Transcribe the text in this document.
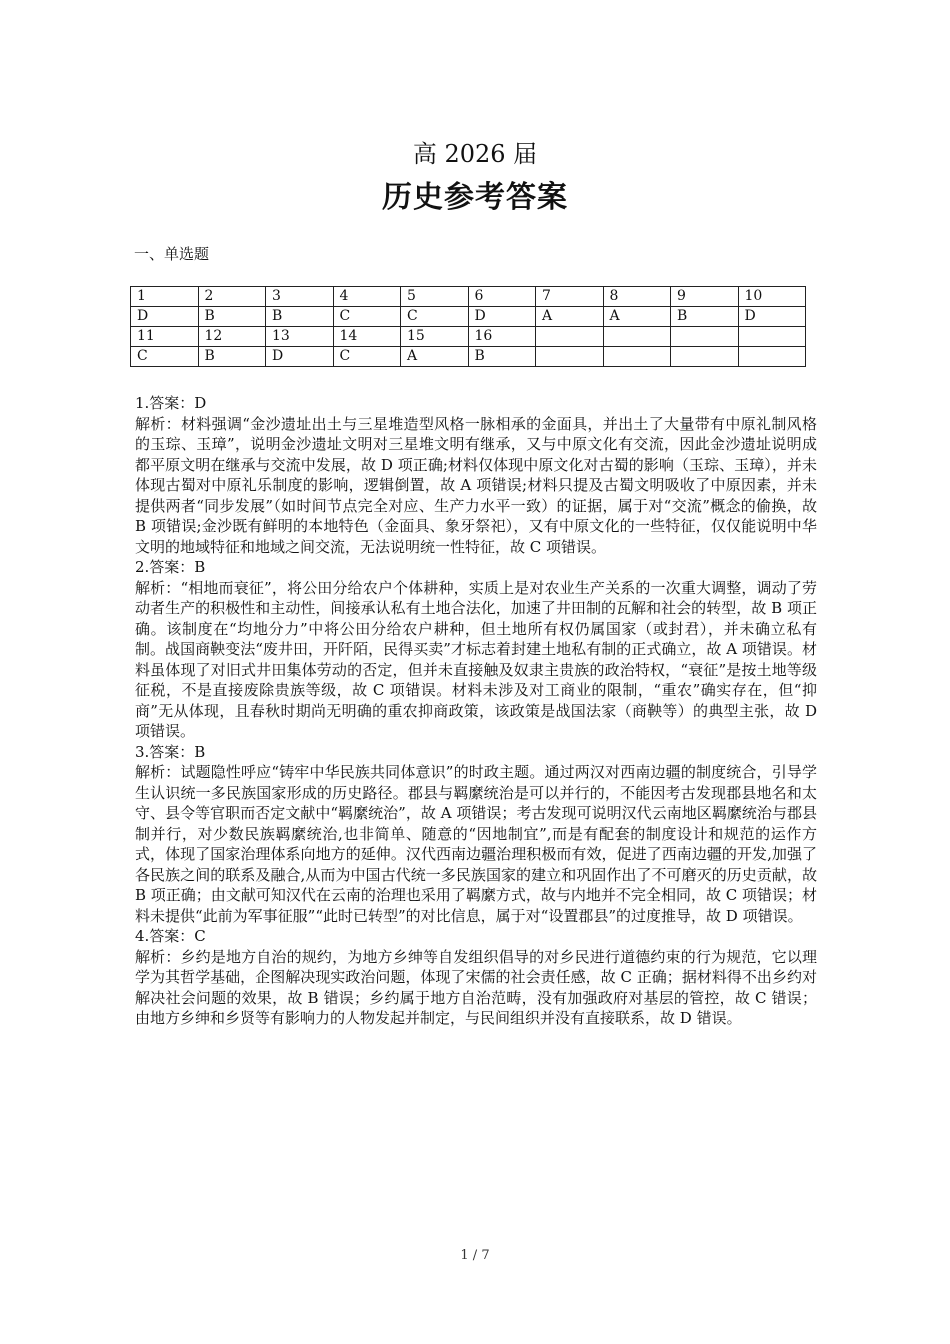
高 2026 届
历史参考答案
一、单选题
1	2	3	4	5	6	7	8	9	10
D	B	B	C	C	D	A	A	B	D
11	12	13	14	15	16				
C	B	D	C	A	B				

1.答案：D

解析：材料强调“金沙遗址出土与三星堆造型风格一脉相承的金面具，并出土了大量带有中原礼制风格的玉琮、玉璋”，说明金沙遗址文明对三星堆文明有继承，又与中原文化有交流，因此金沙遗址说明成都平原文明在继承与交流中发展，故 D 项正确;材料仅体现中原文化对古蜀的影响（玉琮、玉璋），并未体现古蜀对中原礼乐制度的影响，逻辑倒置，故 A 项错误;材料只提及古蜀文明吸收了中原因素，并未提供两者“同步发展”（如时间节点完全对应、生产力水平一致）的证据，属于对“交流”概念的偷换，故 B 项错误;金沙既有鲜明的本地特色（金面具、象牙祭祀），又有中原文化的一些特征，仅仅能说明中华文明的地域特征和地域之间交流，无法说明统一性特征，故 C 项错误。

2.答案：B

解析：“相地而衰征”，将公田分给农户个体耕种，实质上是对农业生产关系的一次重大调整，调动了劳动者生产的积极性和主动性，间接承认私有土地合法化，加速了井田制的瓦解和社会的转型，故 B 项正确。该制度在“均地分力”中将公田分给农户耕种，但土地所有权仍属国家（或封君），并未确立私有制。战国商鞅变法“废井田，开阡陌，民得买卖”才标志着封建土地私有制的正式确立，故 A 项错误。材料虽体现了对旧式井田集体劳动的否定，但并未直接触及奴隶主贵族的政治特权，“衰征”是按土地等级征税，不是直接废除贵族等级，故 C 项错误。材料未涉及对工商业的限制，“重农”确实存在，但“抑商”无从体现，且春秋时期尚无明确的重农抑商政策，该政策是战国法家（商鞅等）的典型主张，故 D 项错误。

3.答案：B

解析：试题隐性呼应“铸牢中华民族共同体意识”的时政主题。通过两汉对西南边疆的制度统合，引导学生认识统一多民族国家形成的历史路径。郡县与羁縻统治是可以并行的，不能因考古发现郡县地名和太守、县令等官职而否定文献中“羁縻统治”，故 A 项错误；考古发现可说明汉代云南地区羁縻统治与郡县制并行，对少数民族羁縻统治,也非简单、随意的“因地制宜”,而是有配套的制度设计和规范的运作方式，体现了国家治理体系向地方的延伸。汉代西南边疆治理积极而有效，促进了西南边疆的开发,加强了各民族之间的联系及融合,从而为中国古代统一多民族国家的建立和巩固作出了不可磨灭的历史贡献，故 B 项正确；由文献可知汉代在云南的治理也采用了羁縻方式，故与内地并不完全相同，故 C 项错误；材料未提供“此前为军事征服”“此时已转型”的对比信息，属于对“设置郡县”的过度推导，故 D 项错误。

4.答案：C

解析：乡约是地方自治的规约，为地方乡绅等自发组织倡导的对乡民进行道德约束的行为规范，它以理学为其哲学基础，企图解决现实政治问题，体现了宋儒的社会责任感，故 C 正确；据材料得不出乡约对解决社会问题的效果，故 B 错误；乡约属于地方自治范畴，没有加强政府对基层的管控，故 C 错误；由地方乡绅和乡贤等有影响力的人物发起并制定，与民间组织并没有直接联系，故 D 错误。

1 / 7
